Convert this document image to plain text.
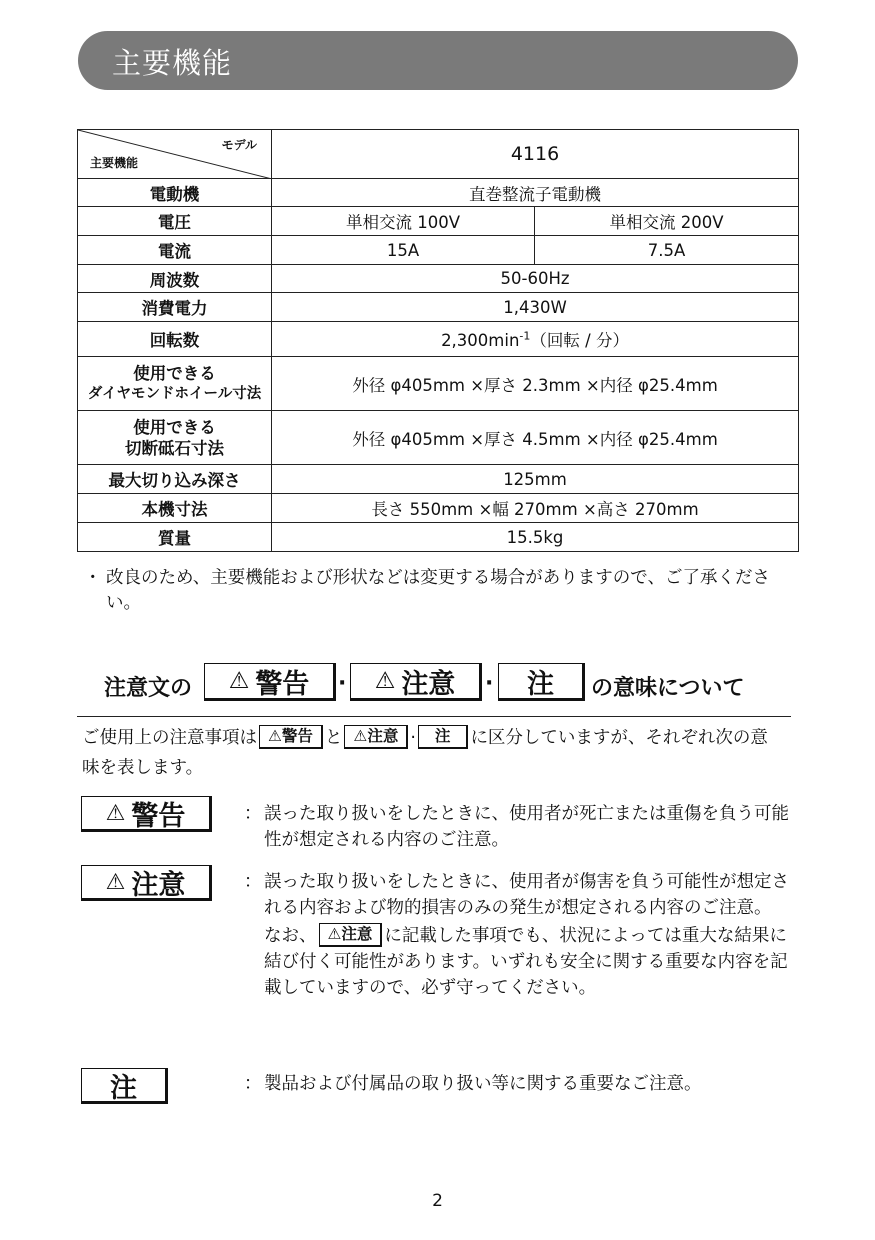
主要機能
モデル
主要機能	4116	
電動機	直巻整流子電動機	
電圧	単相交流 100V	単相交流 200V
電流	15A	7.5A
周波数	50-60Hz	
消費電力	1,430W	
回転数	$2,300\min^{-1}$（回転 / 分）	

使用できる
ダイヤモンドホイール寸法	外径 φ405mm ×厚さ 2.3mm ×内径 φ25.4mm	

使用できる
切断砥石寸法	外径 φ405mm ×厚さ 4.5mm ×内径 φ25.4mm	
最大切り込み深さ	125mm	
本機寸法	長さ 550mm ×幅 270mm ×高さ 270mm	
質量	15.5kg	
・ 改良のため、主要機能および形状などは変更する場合がありますので、ご了承ください。
注意文の ⚠ 警告 · ⚠ 注意 · 注 の意味について
ご使用上の注意事項は ⚠警告 と ⚠注意 · 注 に区分していますが、それぞれ次の意味を表します。
⚠ 警告	： 誤った取り扱いをしたときに、使用者が死亡または重傷を負う可能性が想定される内容のご注意。
⚠ 注意	： 誤った取り扱いをしたときに、使用者が傷害を負う可能性が想定される内容および物的損害のみの発生が想定される内容のご注意。
なお、 ⚠注意 に記載した事項でも、状況によっては重大な結果に結び付く可能性があります。いずれも安全に関する重要な内容を記載していますので、必ず守ってください。
注	： 製品および付属品の取り扱い等に関する重要なご注意。
2
